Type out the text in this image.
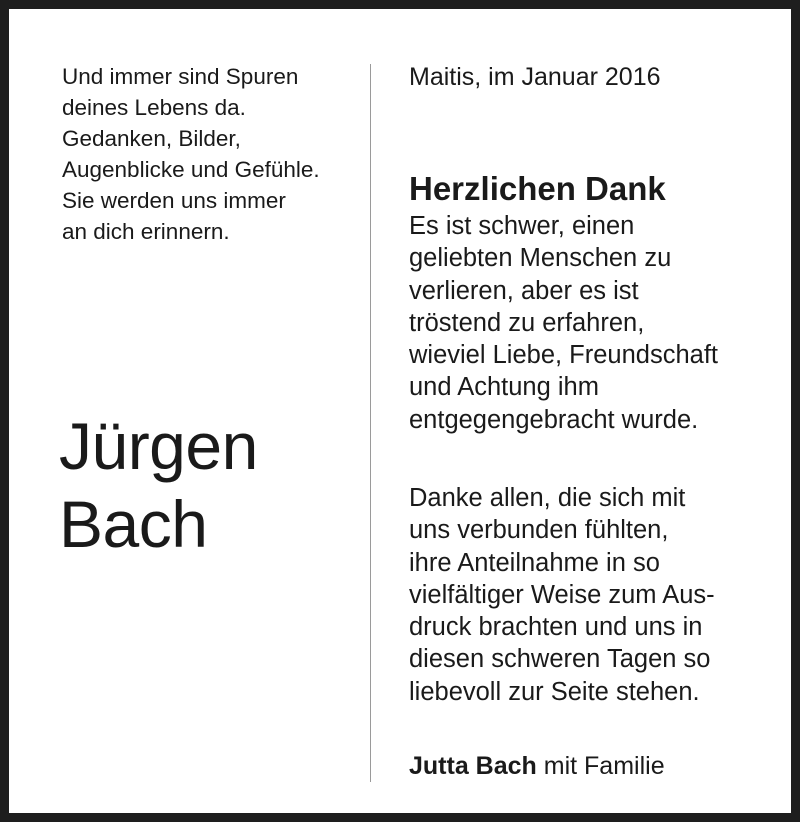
Und immer sind Spuren
deines Lebens da.
Gedanken, Bilder,
Augenblicke und Gefühle.
Sie werden uns immer
an dich erinnern.
Jürgen
Bach
Maitis, im Januar 2016
Herzlichen Dank
Es ist schwer, einen
geliebten Menschen zu
verlieren, aber es ist
tröstend zu erfahren,
wieviel Liebe, Freundschaft
und Achtung ihm
entgegengebracht wurde.
Danke allen, die sich mit
uns verbunden fühlten,
ihre Anteilnahme in so
vielfältiger Weise zum Aus-
druck brachten und uns in
diesen schweren Tagen so
liebevoll zur Seite stehen.
Jutta Bach mit Familie
